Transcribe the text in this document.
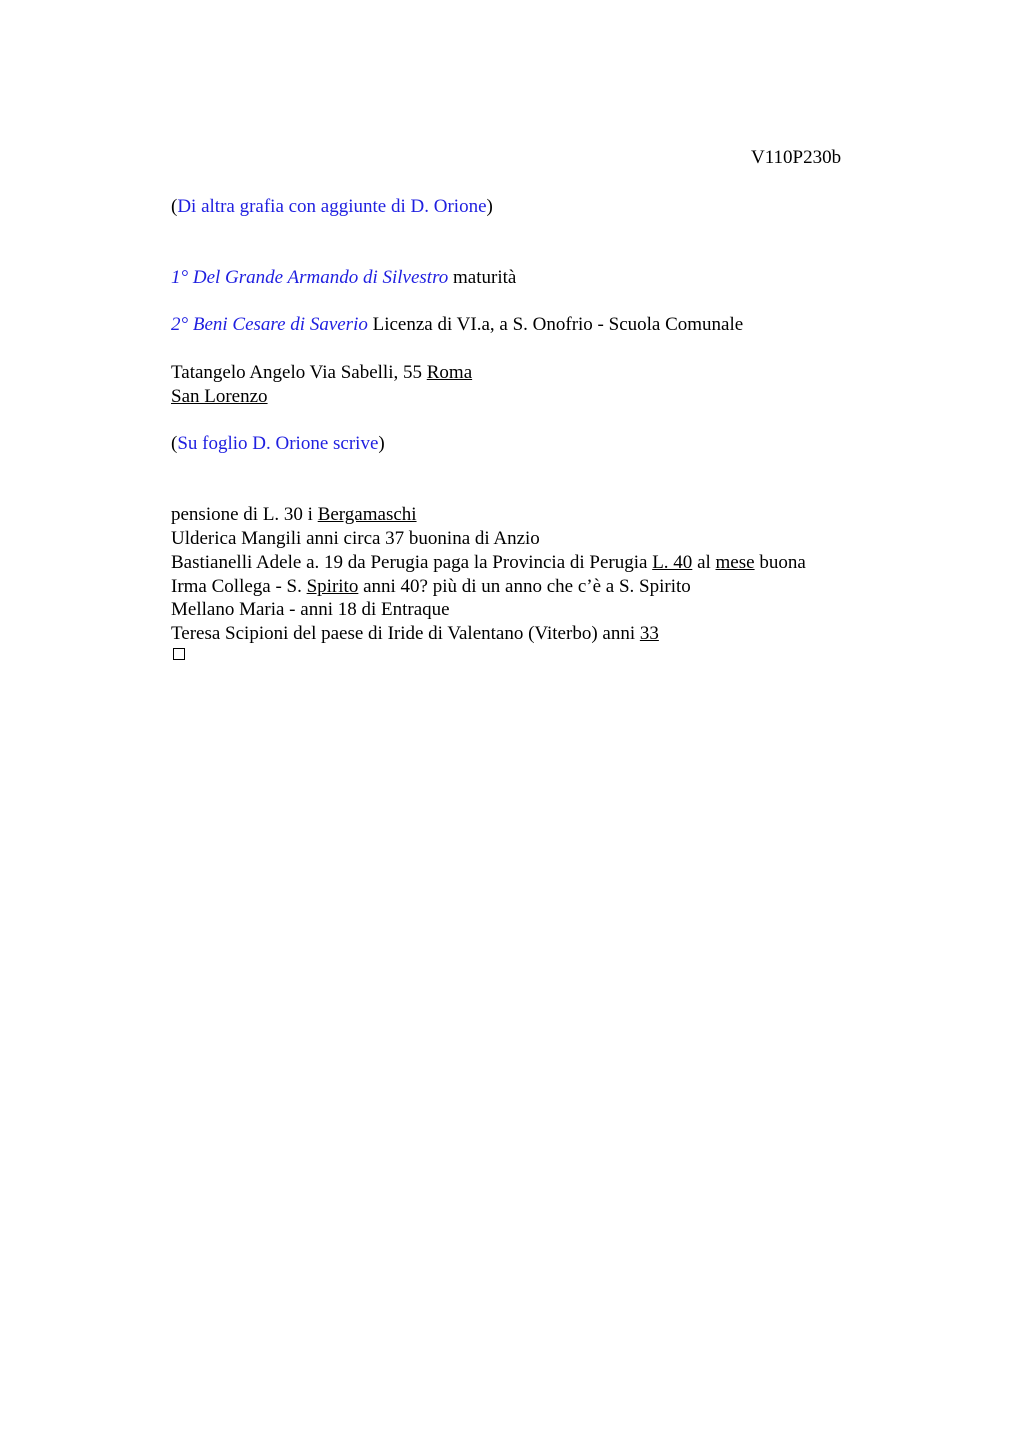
V110P230b
(Di altra grafia con aggiunte di D. Orione)
1° Del Grande Armando di Silvestro maturità
2° Beni Cesare di Saverio Licenza di VI.a, a S. Onofrio - Scuola Comunale
Tatangelo Angelo Via Sabelli, 55 Roma
San Lorenzo
(Su foglio D. Orione scrive)
pensione di L. 30 i Bergamaschi
Ulderica Mangili anni circa 37 buonina di Anzio
Bastianelli Adele a. 19 da Perugia paga la Provincia di Perugia L. 40 al mese buona
Irma Collega - S. Spirito anni 40? più di un anno che c’è a S. Spirito
Mellano Maria - anni 18 di Entraque
Teresa Scipioni del paese di Iride di Valentano (Viterbo) anni 33
